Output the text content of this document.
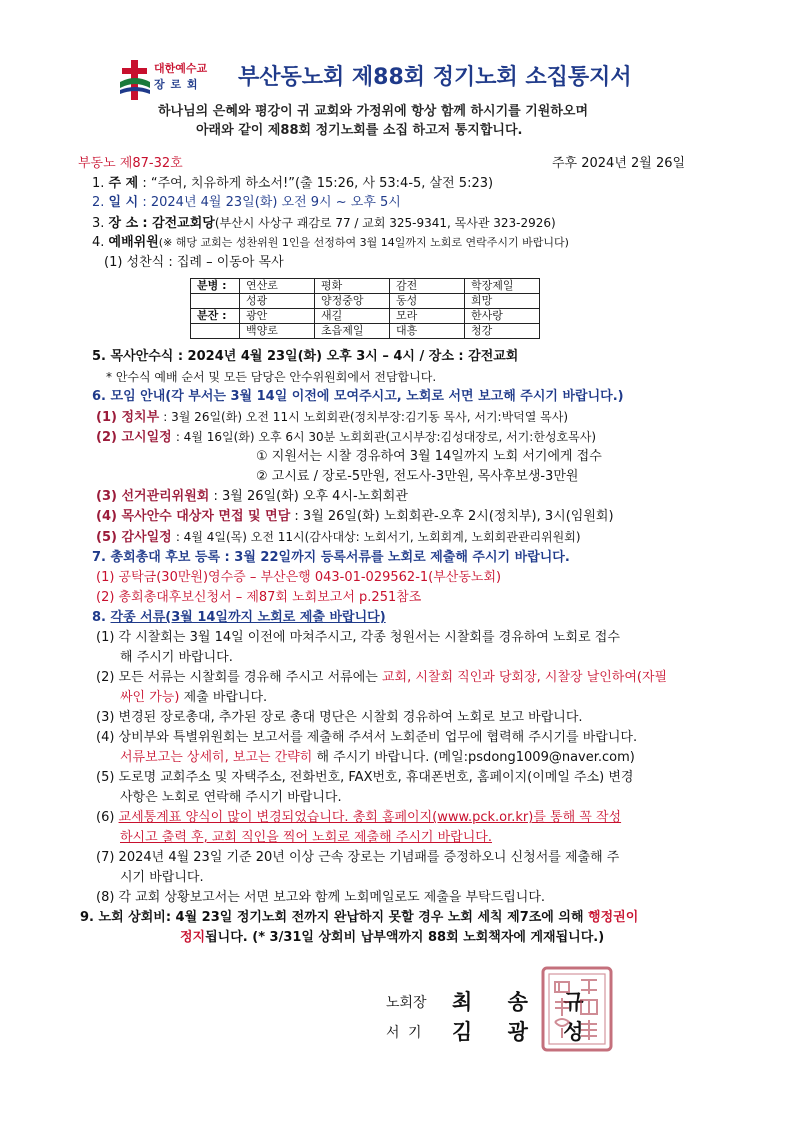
대한예수교
장 로 회 부산동노회 제88회 정기노회 소집통지서
하나님의 은혜와 평강이 귀 교회와 가정위에 항상 함께 하시기를 기원하오며
아래와 같이 제88회 정기노회를 소집 하고저 통지합니다.
부동노 제87-32호	주후 2024년 2월 26일
1. 주 제 : “주여, 치유하게 하소서!”(출 15:26, 사 53:4-5, 살전 5:23)
2. 일 시 : 2024년 4월 23일(화) 오전 9시 ~ 오후 5시
3. 장 소 : 감전교회당(부산시 사상구 괘감로 77 / 교회 325-9341, 목사관 323-2926)
4. 예배위원(※ 해당 교회는 성찬위원 1인을 선정하여 3월 14일까지 노회로 연락주시기 바랍니다)
(1) 성찬식 : 집례 – 이동아 목사
분병 :	연산로	평화	감전	학장제일
	성광	양정중앙	동성	희망
분잔 :	광안	새길	모라	한사랑
	백양로	초읍제일	대흥	청강
5. 목사안수식 : 2024년 4월 23일(화) 오후 3시 – 4시 / 장소 : 감전교회
* 안수식 예배 순서 및 모든 담당은 안수위원회에서 전담합니다.
6. 모임 안내(각 부서는 3월 14일 이전에 모여주시고, 노회로 서면 보고해 주시기 바랍니다.)
(1) 정치부 : 3월 26일(화) 오전 11시 노회회관(정치부장:김기동 목사, 서기:박덕열 목사)
(2) 고시일정 : 4월 16일(화) 오후 6시 30분 노회회관(고시부장:김성대장로, 서기:한성호목사)
① 지원서는 시찰 경유하여 3월 14일까지 노회 서기에게 접수
② 고시료 / 장로-5만원, 전도사-3만원, 목사후보생-3만원
(3) 선거관리위원회 : 3월 26일(화) 오후 4시-노회회관
(4) 목사안수 대상자 면접 및 면담 : 3월 26일(화) 노회회관-오후 2시(정치부), 3시(임원회)
(5) 감사일정 : 4월 4일(목) 오전 11시(감사대상: 노회서기, 노회회계, 노회회관관리위원회)
7. 총회총대 후보 등록 : 3월 22일까지 등록서류를 노회로 제출해 주시기 바랍니다.
(1) 공탁금(30만원)영수증 – 부산은행 043-01-029562-1(부산동노회)
(2) 총회총대후보신청서 – 제87회 노회보고서 p.251참조
8. 각종 서류(3월 14일까지 노회로 제출 바랍니다)
(1) 각 시찰회는 3월 14일 이전에 마쳐주시고, 각종 청원서는 시찰회를 경유하여 노회로 접수
해 주시기 바랍니다.
(2) 모든 서류는 시찰회를 경유해 주시고 서류에는 교회, 시찰회 직인과 당회장, 시찰장 날인하여(자필
싸인 가능) 제출 바랍니다.
(3) 변경된 장로총대, 추가된 장로 총대 명단은 시찰회 경유하여 노회로 보고 바랍니다.
(4) 상비부와 특별위원회는 보고서를 제출해 주셔서 노회준비 업무에 협력해 주시기를 바랍니다.
서류보고는 상세히, 보고는 간략히 해 주시기 바랍니다. (메일:psdong1009@naver.com)
(5) 도로명 교회주소 및 자택주소, 전화번호, FAX번호, 휴대폰번호, 홈페이지(이메일 주소) 변경
사항은 노회로 연락해 주시기 바랍니다.
(6) 교세통계표 양식이 많이 변경되었습니다. 총회 홈페이지(www.pck.or.kr)를 통해 꼭 작성
하시고 출력 후, 교회 직인을 찍어 노회로 제출해 주시기 바랍니다.
(7) 2024년 4월 23일 기준 20년 이상 근속 장로는 기념패를 증정하오니 신청서를 제출해 주
시기 바랍니다.
(8) 각 교회 상황보고서는 서면 보고와 함께 노회메일로도 제출을 부탁드립니다.
9. 노회 상회비: 4월 23일 정기노회 전까지 완납하지 못할 경우 노회 세칙 제7조에 의해 행정권이
정지됩니다. (* 3/31일 상회비 납부액까지 88회 노회책자에 게재됩니다.)
노회장 최 송 규
서 기 김 광 성
